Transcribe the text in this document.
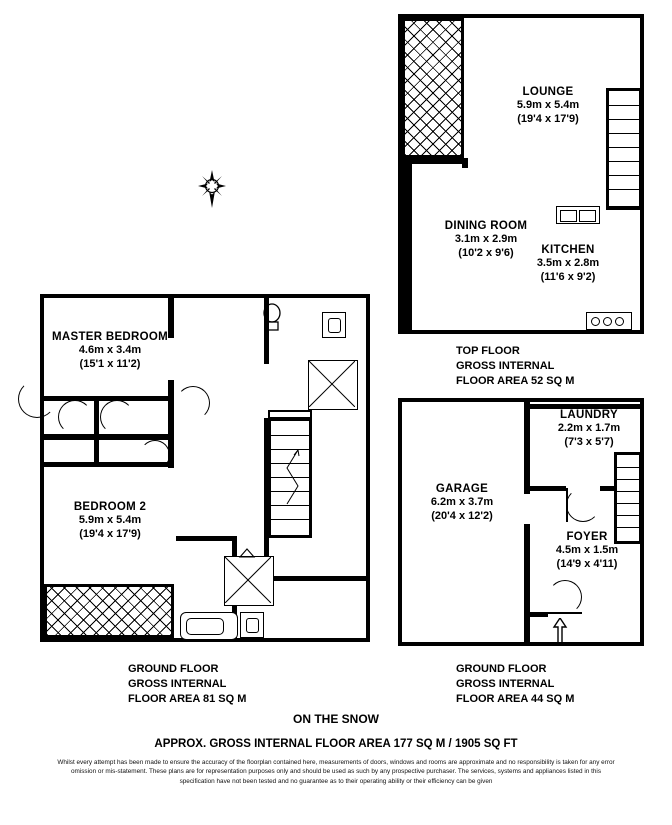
LOUNGE
5.9m x 5.4m
(19'4 x 17'9)
DINING ROOM
3.1m x 2.9m
(10'2 x 9'6)	KITCHEN
3.5m x 2.8m
(11'6 x 9'2)
TOP FLOOR
GROSS INTERNAL
FLOOR AREA 52 SQ M
LAUNDRY
2.2m x 1.7m
(7'3 x 5'7)
GARAGE
6.2m x 3.7m
(20'4 x 12'2)
FOYER
4.5m x 1.5m
(14'9 x 4'11)
GROUND FLOOR
GROSS INTERNAL
FLOOR AREA 44 SQ M
MASTER BEDROOM
4.6m x 3.4m
(15'1 x 11'2)
BEDROOM 2
5.9m x 5.4m
(19'4 x 17'9)
GROUND FLOOR
GROSS INTERNAL
FLOOR AREA 81 SQ M
ON THE SNOW
APPROX. GROSS INTERNAL FLOOR AREA 177 SQ M / 1905 SQ FT
Whilst every attempt has been made to ensure the accuracy of the floorplan contained here, measurements of doors, windows and rooms are approximate and no responsibility is taken for any error omission or mis-statement. These plans are for representation purposes only and should be used as such by any prospective purchaser. The services, systems and appliances listed in this specification have not been tested and no guarantee as to their operating ability or their efficiency can be given
